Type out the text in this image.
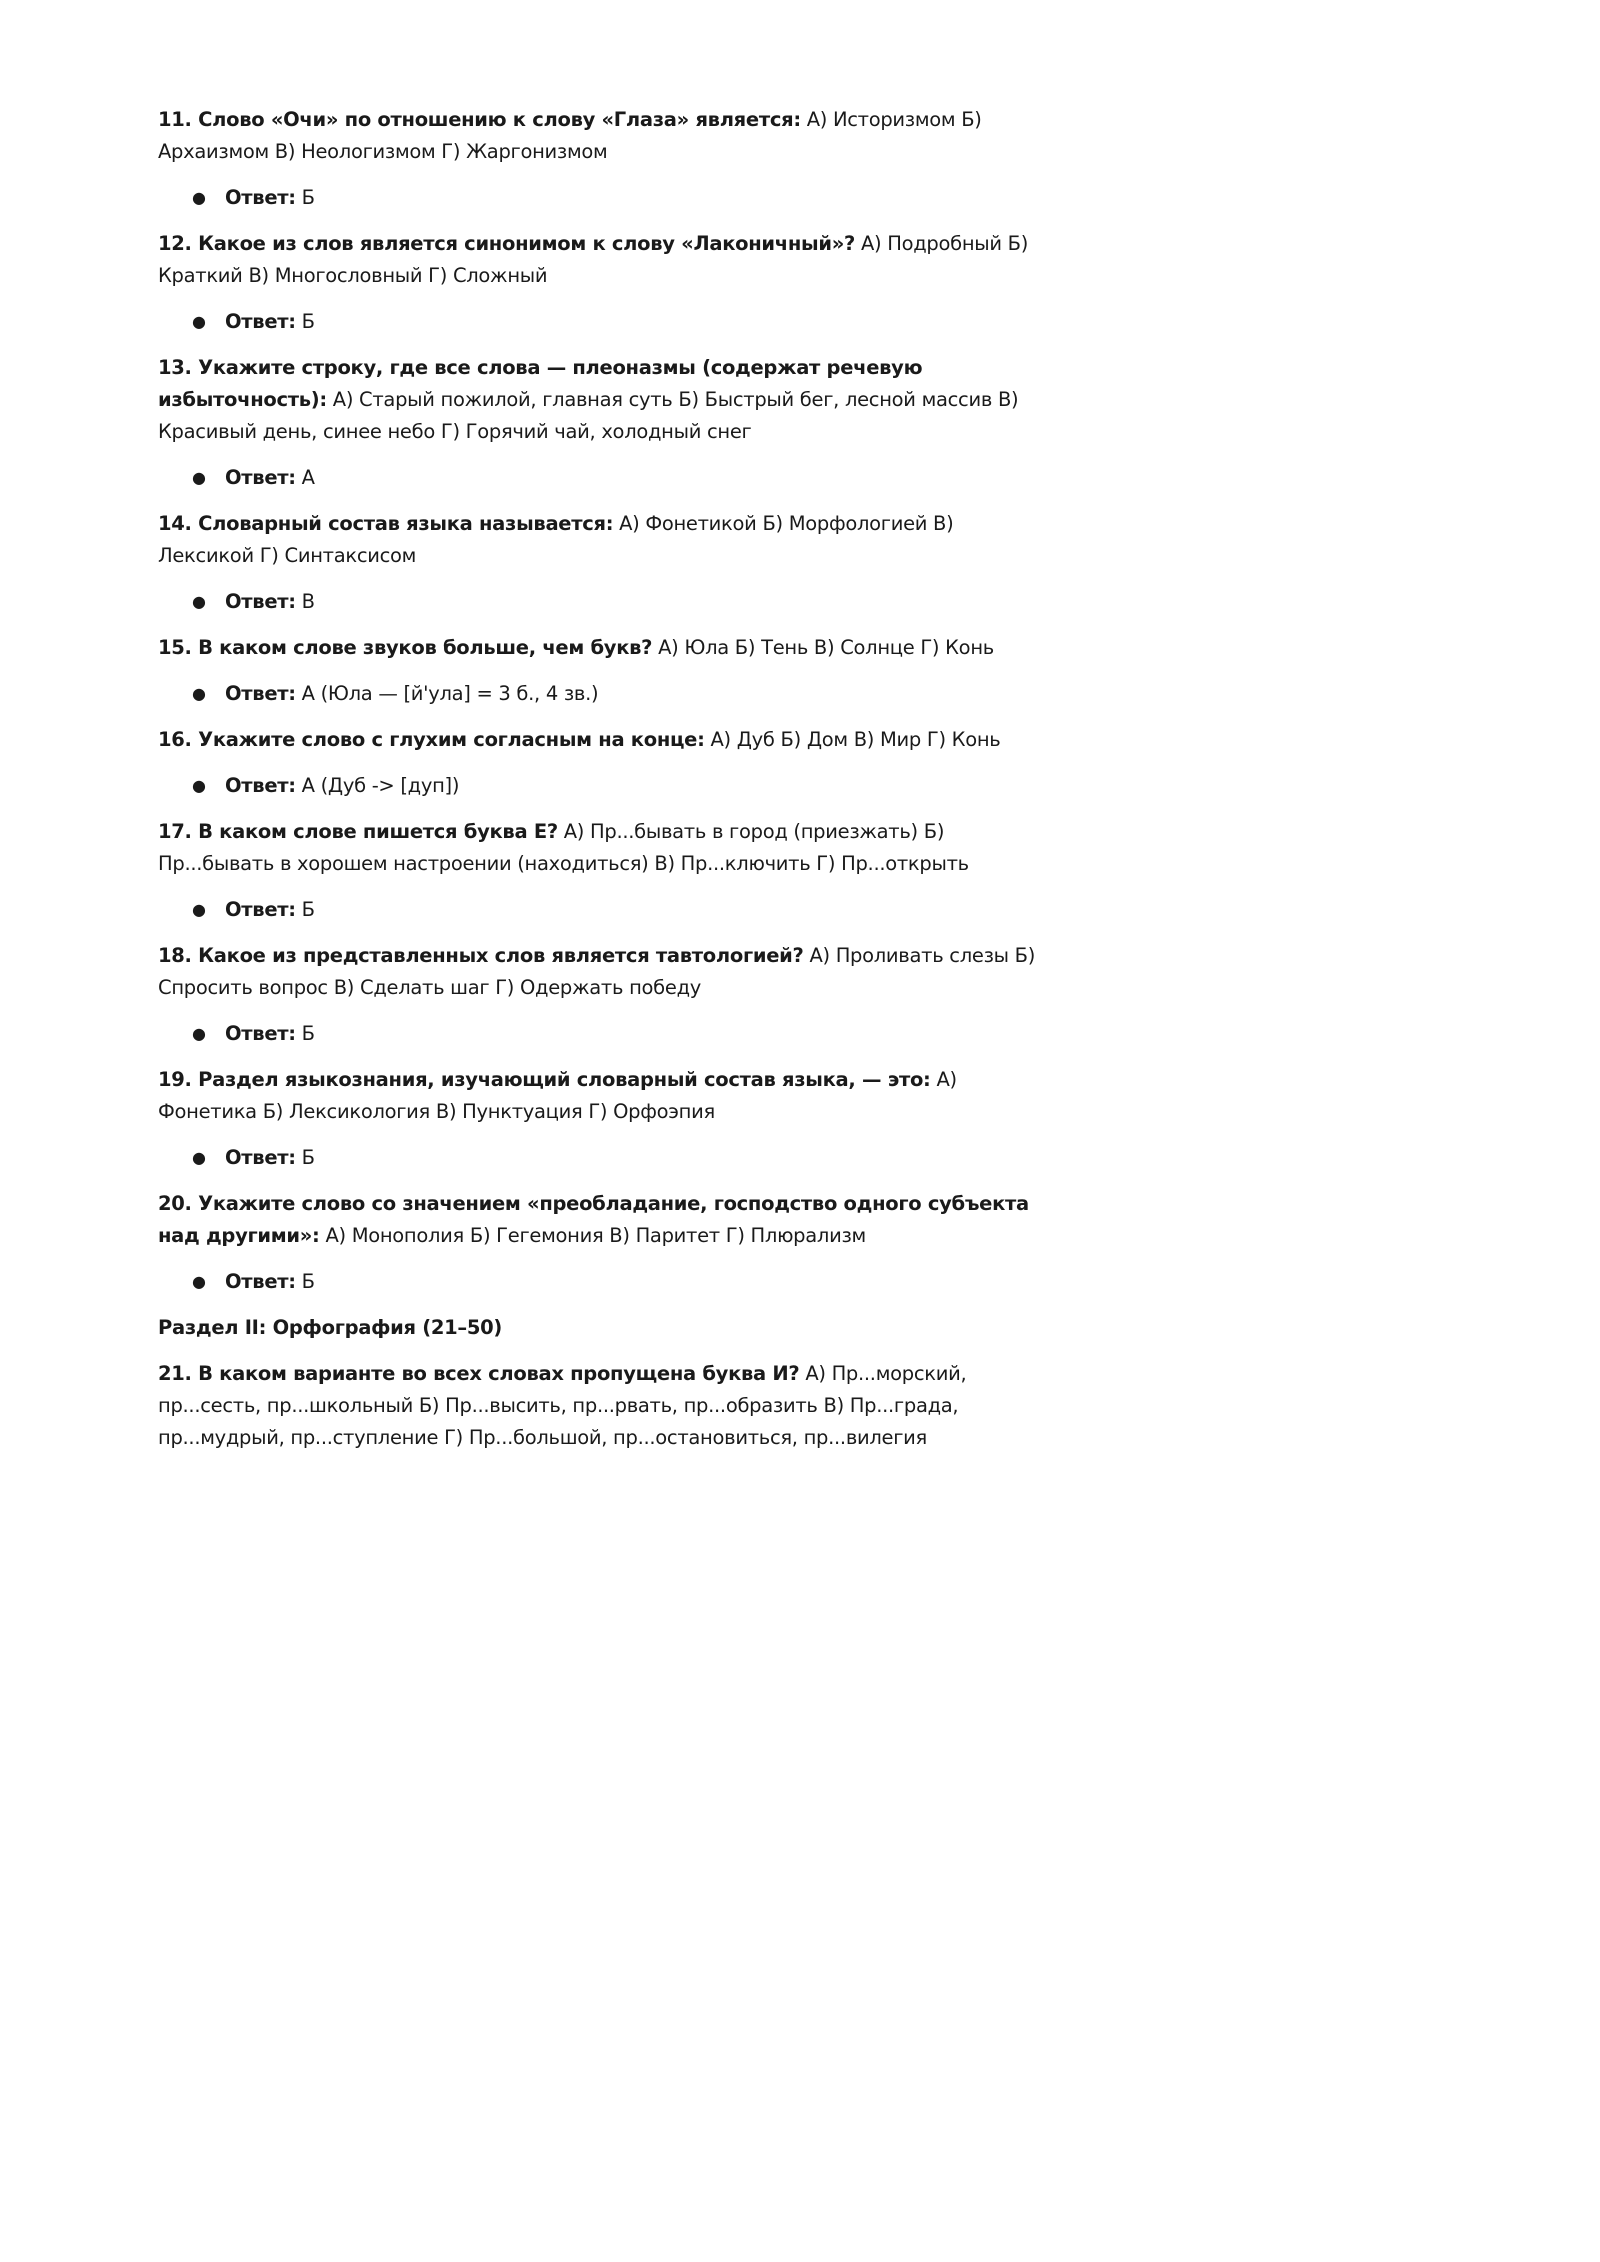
11. Слово «Очи» по отношению к слову «Глаза» является: А) Историзмом Б) Архаизмом В) Неологизмом Г) Жаргонизмом
● Ответ: Б
12. Какое из слов является синонимом к слову «Лаконичный»? А) Подробный Б) Краткий В) Многословный Г) Сложный
● Ответ: Б
13. Укажите строку, где все слова — плеоназмы (содержат речевую избыточность): А) Старый пожилой, главная суть Б) Быстрый бег, лесной массив В) Красивый день, синее небо Г) Горячий чай, холодный снег
● Ответ: А
14. Словарный состав языка называется: А) Фонетикой Б) Морфологией В) Лексикой Г) Синтаксисом
● Ответ: В
15. В каком слове звуков больше, чем букв? А) Юла Б) Тень В) Солнце Г) Конь
● Ответ: А (Юла — [й'ула] = 3 б., 4 зв.)
16. Укажите слово с глухим согласным на конце: А) Дуб Б) Дом В) Мир Г) Конь
● Ответ: А (Дуб -> [дуп])
17. В каком слове пишется буква Е? А) Пр...бывать в город (приезжать) Б) Пр...бывать в хорошем настроении (находиться) В) Пр...ключить Г) Пр...открыть
● Ответ: Б
18. Какое из представленных слов является тавтологией? А) Проливать слезы Б) Спросить вопрос В) Сделать шаг Г) Одержать победу
● Ответ: Б
19. Раздел языкознания, изучающий словарный состав языка, — это: А) Фонетика Б) Лексикология В) Пунктуация Г) Орфоэпия
● Ответ: Б
20. Укажите слово со значением «преобладание, господство одного субъекта над другими»: А) Монополия Б) Гегемония В) Паритет Г) Плюрализм
● Ответ: Б
Раздел II: Орфография (21–50)
21. В каком варианте во всех словах пропущена буква И? А) Пр...морский, пр...сесть, пр...школьный Б) Пр...высить, пр...рвать, пр...образить В) Пр...града, пр...мудрый, пр...ступление Г) Пр...большой, пр...остановиться, пр...вилегия
